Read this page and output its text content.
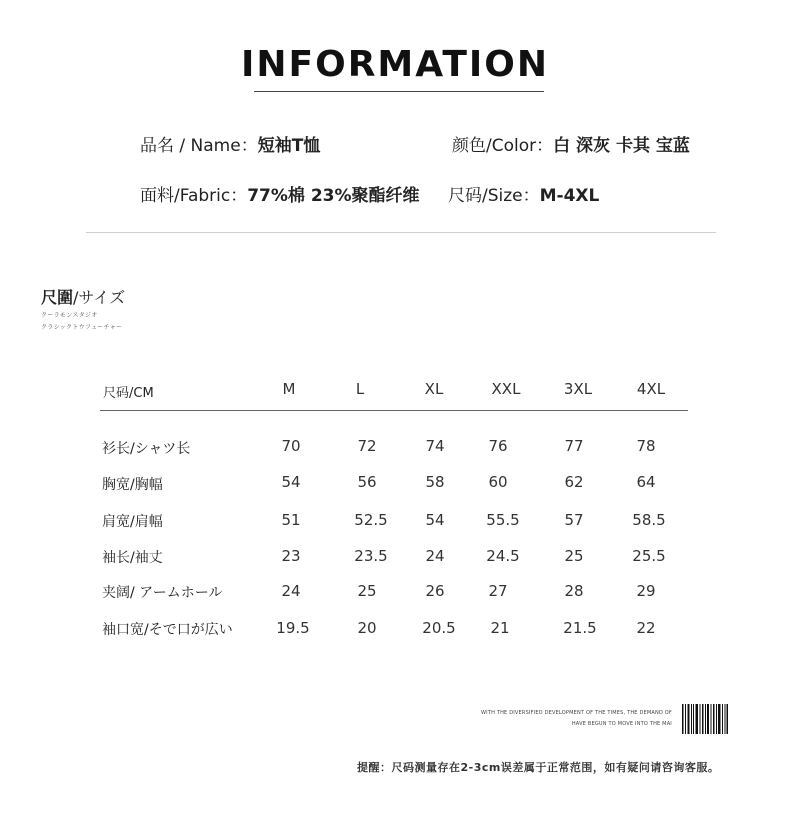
INFORMATION
品名 / Name：短袖T恤	颜色/Color：白 深灰 卡其 宝蓝
面料/Fabric：77%棉 23%聚酯纤维 尺码/Size：M-4XL
尺圍/サイズ
クーラモンスタジオ
クラシックトウフューチャー
尺码/CM	M	L	XL	XXL	3XL	4XL
衫长/シャツ长	70	72	74	76	77	78
胸宽/胸幅	54	56	58	60	62	64
肩宽/肩幅	51	52.5	54	55.5	57	58.5
袖长/袖丈	23	23.5	24	24.5	25	25.5
夹阔/ アームホール	24	25	26	27	28	29
袖口宽/そで口が広い	19.5	20	20.5	21	21.5	22
WITH THE DIVERSIFIED DEVELOPMENT OF THE TIMES, THE DEMAND OF
HAVE BEGUN TO MOVE INTO THE MAI
提醒：尺码测量存在2-3cm误差属于正常范围，如有疑问请咨询客服。
